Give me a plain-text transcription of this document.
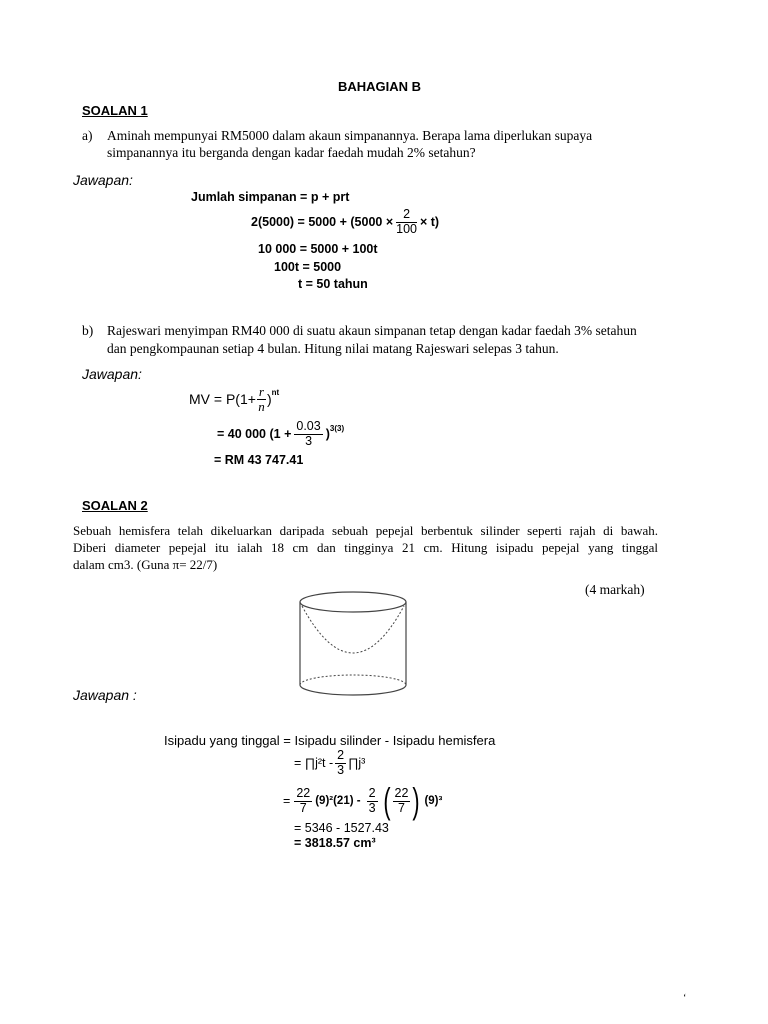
BAHAGIAN B
SOALAN 1
a) Aminah mempunyai RM5000 dalam akaun simpanannya. Berapa lama diperlukan supaya
simpanannya itu berganda dengan kadar faedah mudah 2% setahun?
Jawapan:
Jumlah simpanan = p + prt
$2(5000) = 5000 + (5000 \times \frac{2}{100} \times t)$
10 000 = 5000 + 100t
100t = 5000
t = 50 tahun
b) Rajeswari menyimpan RM40 000 di suatu akaun simpanan tetap dengan kadar faedah 3% setahun
dan pengkompaunan setiap 4 bulan. Hitung nilai matang Rajeswari selepas 3 tahun.
Jawapan:
MV = $P(1+ \frac{r}{n} )^{nt}$
= 40 000 $(1 + \frac{0.03}{3} )^{3(3)}$
= RM 43 747.41
SOALAN 2
Sebuah hemisfera telah dikeluarkan daripada sebuah pepejal berbentuk silinder seperti rajah di bawah.
Diberi diameter pepejal itu ialah 18 cm dan tingginya 21 cm. Hitung isipadu pepejal yang tinggal
dalam cm3. (Guna π= 22/7)
(4 markah)
Jawapan :
Isipadu yang tinggal = Isipadu silinder - Isipadu hemisfera
= ∏j²t - $\frac{2}{3}$ ∏j³
= $\frac{22}{7} (9)^2(21) - \frac{2}{3}$ ( $\frac{22}{7}$ ) (9)³
= 5346 - 1527.43
= 3818.57 cm³
‘
